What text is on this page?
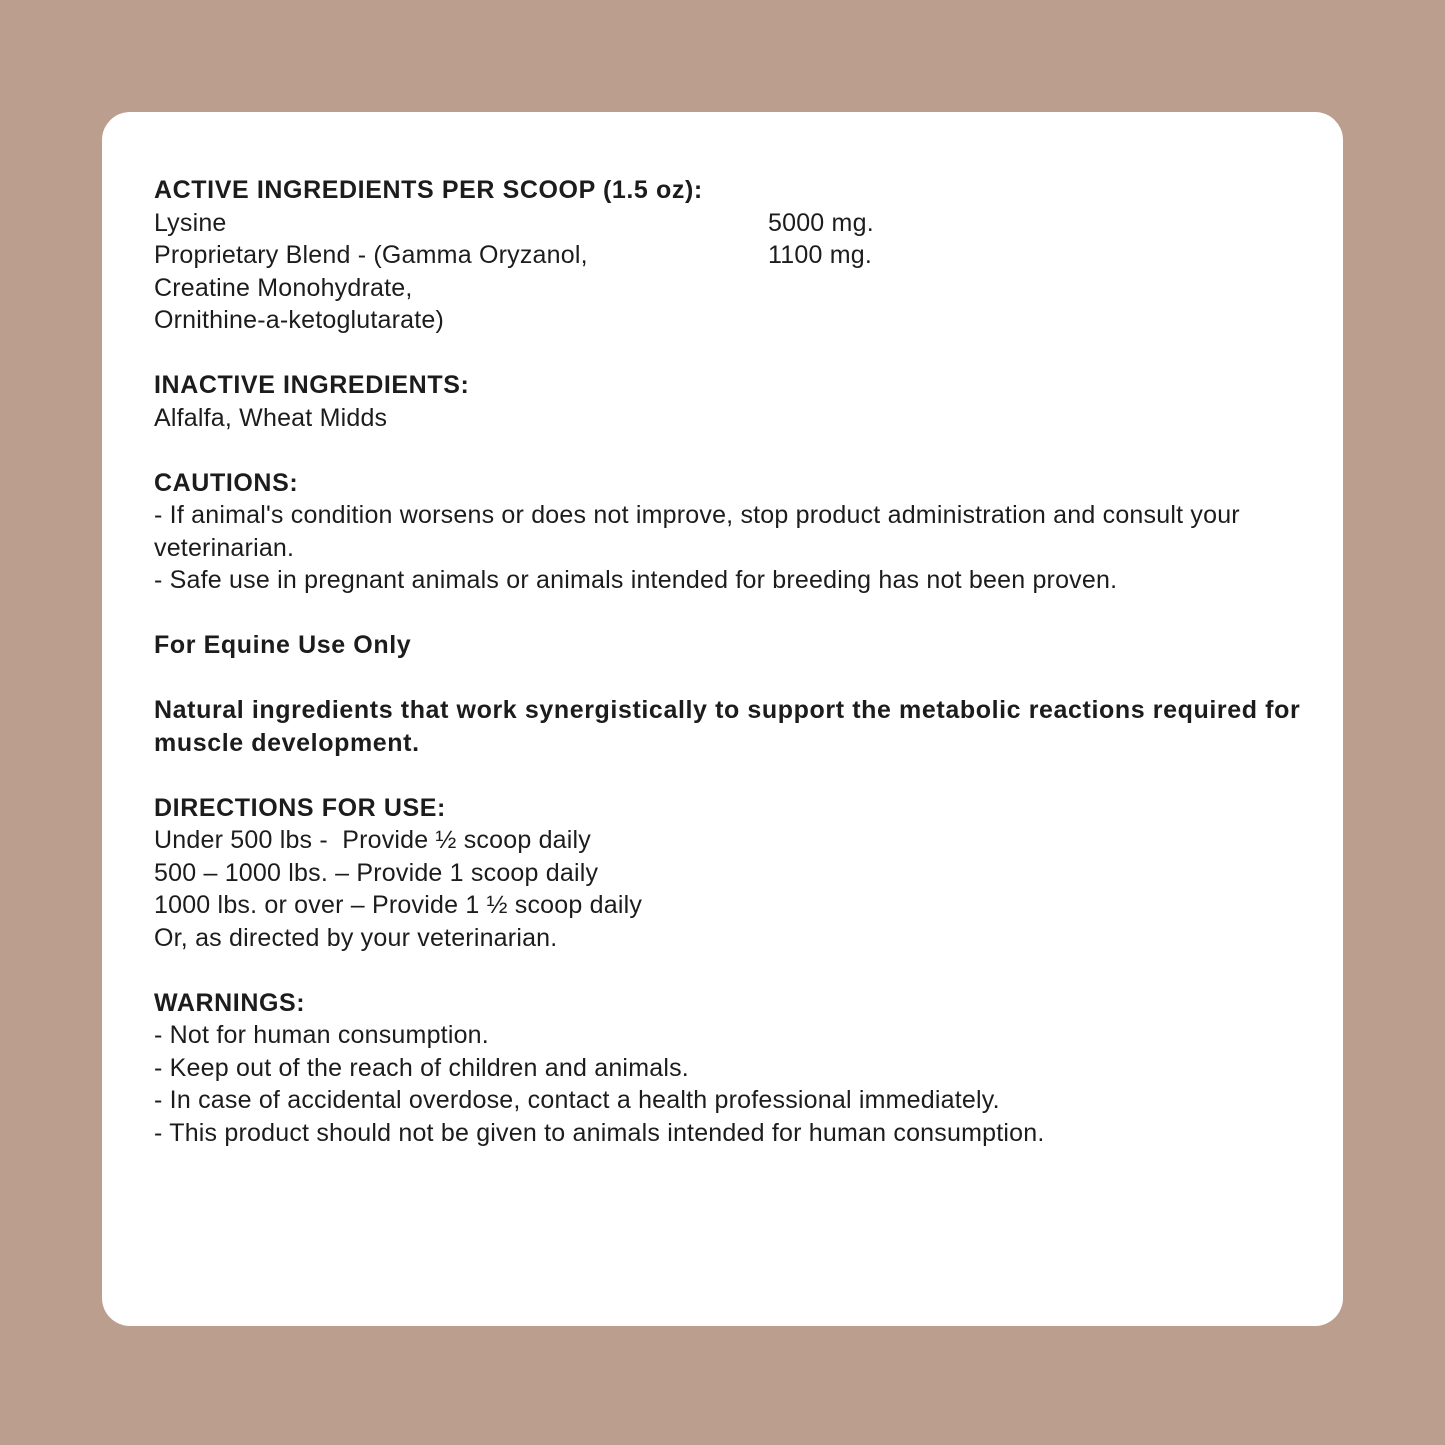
ACTIVE INGREDIENTS PER SCOOP (1.5 oz):
Lysine	5000 mg.
Proprietary Blend - (Gamma Oryzanol,	1100 mg.
Creatine Monohydrate,
Ornithine-a-ketoglutarate)
INACTIVE INGREDIENTS:
Alfalfa, Wheat Midds
CAUTIONS:
- If animal's condition worsens or does not improve, stop product administration and consult your veterinarian.
- Safe use in pregnant animals or animals intended for breeding has not been proven.
For Equine Use Only
Natural ingredients that work synergistically to support the metabolic reactions required for muscle development.
DIRECTIONS FOR USE:
Under 500 lbs -  Provide ½ scoop daily
500 – 1000 lbs. – Provide 1 scoop daily
1000 lbs. or over – Provide 1 ½ scoop daily
Or, as directed by your veterinarian.
WARNINGS:
- Not for human consumption.
- Keep out of the reach of children and animals.
- In case of accidental overdose, contact a health professional immediately.
- This product should not be given to animals intended for human consumption.
